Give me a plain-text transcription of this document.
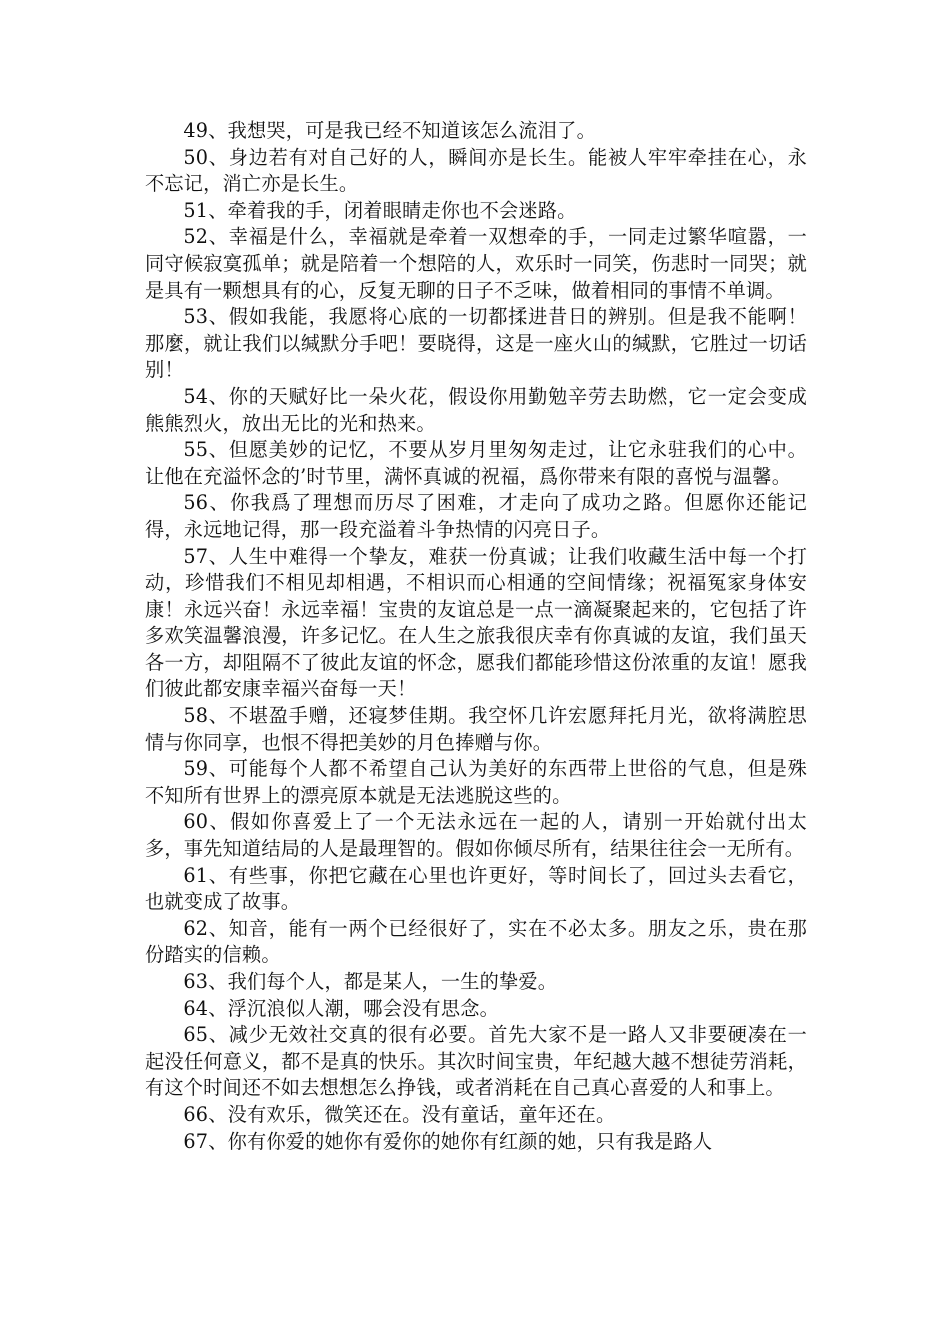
49、我想哭，可是我已经不知道该怎么流泪了。

50、身边若有对自己好的人，瞬间亦是长生。能被人牢牢牵挂在心，永不忘记，消亡亦是长生。

51、牵着我的手，闭着眼睛走你也不会迷路。

52、幸福是什么，幸福就是牵着一双想牵的手，一同走过繁华喧嚣，一同守候寂寞孤单；就是陪着一个想陪的人，欢乐时一同笑，伤悲时一同哭；就是具有一颗想具有的心，反复无聊的日子不乏味，做着相同的事情不单调。

53、假如我能，我愿将心底的一切都揉进昔日的辨别。但是我不能啊！那麼，就让我们以缄默分手吧！要晓得，这是一座火山的缄默，它胜过一切话别！

54、你的天赋好比一朵火花，假设你用勤勉辛劳去助燃，它一定会变成熊熊烈火，放出无比的光和热来。

55、但愿美妙的记忆，不要从岁月里匆匆走过，让它永驻我们的心中。让他在充溢怀念的’时节里，满怀真诚的祝福，爲你带来有限的喜悦与温馨。

56、你我爲了理想而历尽了困难，才走向了成功之路。但愿你还能记得，永远地记得，那一段充溢着斗争热情的闪亮日子。

57、人生中难得一个挚友，难获一份真诚；让我们收藏生活中每一个打动，珍惜我们不相见却相遇，不相识而心相通的空间情缘；祝福冤家身体安康！永远兴奋！永远幸福！宝贵的友谊总是一点一滴凝聚起来的，它包括了许多欢笑温馨浪漫，许多记忆。在人生之旅我很庆幸有你真诚的友谊，我们虽天各一方，却阻隔不了彼此友谊的怀念，愿我们都能珍惜这份浓重的友谊！愿我们彼此都安康幸福兴奋每一天！

58、不堪盈手赠，还寝梦佳期。我空怀几许宏愿拜托月光，欲将满腔思情与你同享，也恨不得把美妙的月色捧赠与你。

59、可能每个人都不希望自己认为美好的东西带上世俗的气息，但是殊不知所有世界上的漂亮原本就是无法逃脱这些的。

60、假如你喜爱上了一个无法永远在一起的人，请别一开始就付出太多，事先知道结局的人是最理智的。假如你倾尽所有，结果往往会一无所有。

61、有些事，你把它藏在心里也许更好，等时间长了，回过头去看它，也就变成了故事。

62、知音，能有一两个已经很好了，实在不必太多。朋友之乐，贵在那份踏实的信赖。

63、我们每个人，都是某人，一生的挚爱。

64、浮沉浪似人潮，哪会没有思念。

65、减少无效社交真的很有必要。首先大家不是一路人又非要硬凑在一起没任何意义，都不是真的快乐。其次时间宝贵，年纪越大越不想徒劳消耗，有这个时间还不如去想想怎么挣钱，或者消耗在自己真心喜爱的人和事上。

66、没有欢乐，微笑还在。没有童话，童年还在。

67、你有你爱的她你有爱你的她你有红颜的她，只有我是路人
